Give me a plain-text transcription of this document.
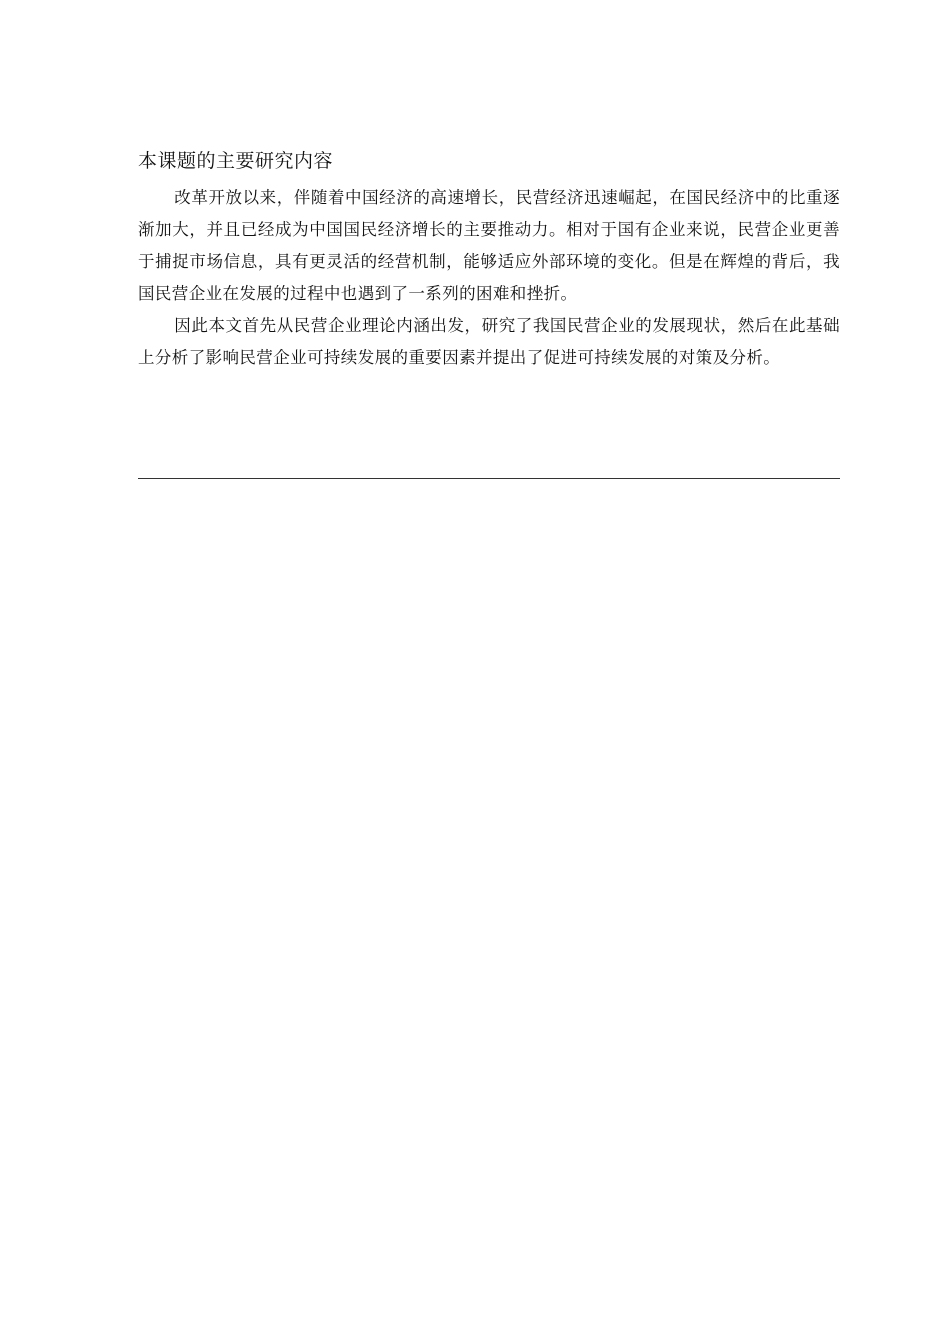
本课题的主要研究内容

改革开放以来，伴随着中国经济的高速增长，民营经济迅速崛起，在国民经济中的比重逐渐加大，并且已经成为中国国民经济增长的主要推动力。相对于国有企业来说，民营企业更善于捕捉市场信息，具有更灵活的经营机制，能够适应外部环境的变化。但是在辉煌的背后，我国民营企业在发展的过程中也遇到了一系列的困难和挫折。

因此本文首先从民营企业理论内涵出发，研究了我国民营企业的发展现状，然后在此基础上分析了影响民营企业可持续发展的重要因素并提出了促进可持续发展的对策及分析。
